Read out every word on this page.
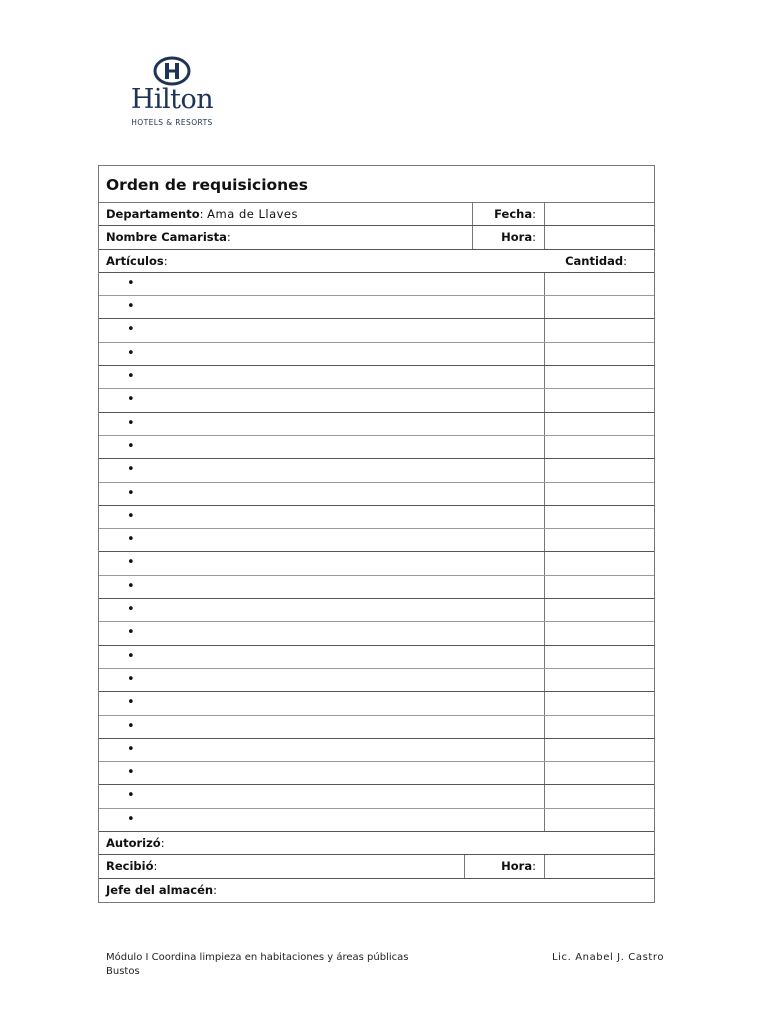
Hilton
HOTELS & RESORTS
Orden de requisiciones
Departamento: Ama de Llaves	Fecha:
Nombre Camarista:	Hora:
Artículos:	Cantidad:
•
•
•
•
•
•
•
•
•
•
•
•
•
•
•
•
•
•
•
•
•
•
•
•
Autorizó:
Recibió:	Hora:
Jefe del almacén:
Módulo I Coordina limpieza en habitaciones y áreas públicas
Bustos
Lic. Anabel J. Castro
